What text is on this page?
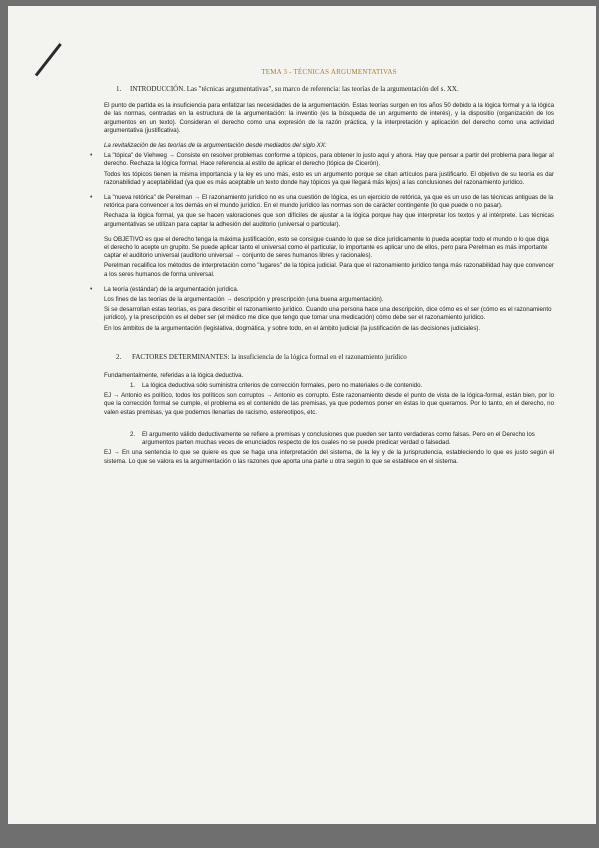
TEMA 3 - TÉCNICAS ARGUMENTATIVAS
1.	INTRODUCCIÓN. Las "técnicas argumentativas", su marco de referencia: las teorías de la argumentación del s. XX.
El punto de partida es la insuficiencia para enfatizar las necesidades de la argumentación. Estas teorías surgen en los años 50 debido a la lógica formal y a la lógica de las normas, centradas en la estructura de la argumentación: la inventio (es la búsqueda de un argumento de interés), y la dispositio (organización de los argumentos en un texto). Consideran el derecho como una expresión de la razón práctica, y la interpretación y aplicación del derecho como una actividad argumentativa (justificativa).
La revitalización de las teorías de la argumentación desde mediados del siglo XX:
• La "tópica" de Viehweg → Consiste en resolver problemas conforme a tópicos, para obtener lo justo aquí y ahora. Hay que pensar a partir del problema para llegar al derecho. Rechaza la lógica formal. Hace referencia al estilo de aplicar el derecho (tópica de Cicerón).
Todos los tópicos tienen la misma importancia y la ley es uno más, esto es un argumento porque se citan artículos para justificarlo. El objetivo de su teoría es dar razonabilidad y aceptabilidad (ya que es más aceptable un texto donde hay tópicos ya que llegará más lejos) a las conclusiones del razonamiento jurídico.
• La "nueva retórica" de Perelman → El razonamiento jurídico no es una cuestión de lógica, es un ejercicio de retórica, ya que es un uso de las técnicas antiguas de la retórica para convencer a los demás en el mundo jurídico. En el mundo jurídico las normas son de carácter contingente (lo que puede o no pasar).
Rechaza la lógica formal, ya que se hacen valoraciones que son difíciles de ajustar a la lógica porque hay que interpretar los textos y al intérprete. Las técnicas argumentativas se utilizan para captar la adhesión del auditorio (universal o particular).
Su OBJETIVO es que el derecho tenga la máxima justificación, esto se consigue cuando lo que se dice jurídicamente lo pueda aceptar todo el mundo o lo que diga el derecho lo acepte un grupito. Se puede aplicar tanto el universal como el particular, lo importante es aplicar uno de ellos, pero para Perelman es más importante captar el auditorio universal (auditorio universal → conjunto de seres humanos libres y racionales).
Perelman recalifica los métodos de interpretación como "lugares" de la tópica judicial. Para que el razonamiento jurídico tenga más razonabilidad hay que convencer a los seres humanos de forma universal.
• La teoría (estándar) de la argumentación jurídica.
Los fines de las teorías de la argumentación → descripción y prescripción (una buena argumentación).
Si se desarrollan estas teorías, es para describir el razonamiento jurídico. Cuando una persona hace una descripción, dice cómo es el ser (cómo es el razonamiento jurídico), y la prescripción es el deber ser (el médico me dice que tengo que tomar una medicación) cómo debe ser el razonamiento jurídico.
En los ámbitos de la argumentación (legislativa, dogmática, y sobre todo, en el ámbito judicial (la justificación de las decisiones judiciales).
2.	FACTORES DETERMINANTES: la insuficiencia de la lógica formal en el razonamiento jurídico
Fundamentalmente, referidas a la lógica deductiva.
1.	La lógica deductiva sólo suministra criterios de corrección formales, pero no materiales o de contenido.
EJ → Antonio es político, todos los políticos son corruptos → Antonio es corrupto. Este razonamiento desde el punto de vista de la lógica-formal, están bien, por lo que la corrección formal se cumple, el problema es el contenido de las premisas, ya que podemos poner en éstas lo que queramos. Por lo tanto, en el derecho, no valen estas premisas, ya que podemos llenarlas de racismo, estereotipos, etc.
2.	El argumento válido deductivamente se refiere a premisas y conclusiones que pueden ser tanto verdaderas como falsas. Pero en el Derecho los argumentos parten muchas veces de enunciados respecto de los cuales no se puede predicar verdad o falsedad.
EJ → En una sentencia lo que se quiere es que se haga una interpretación del sistema, de la ley y de la jurisprudencia, estableciendo lo que es justo según el sistema. Lo que se valora es la argumentación o las razones que aporta una parte u otra según lo que se establece en el sistema.
